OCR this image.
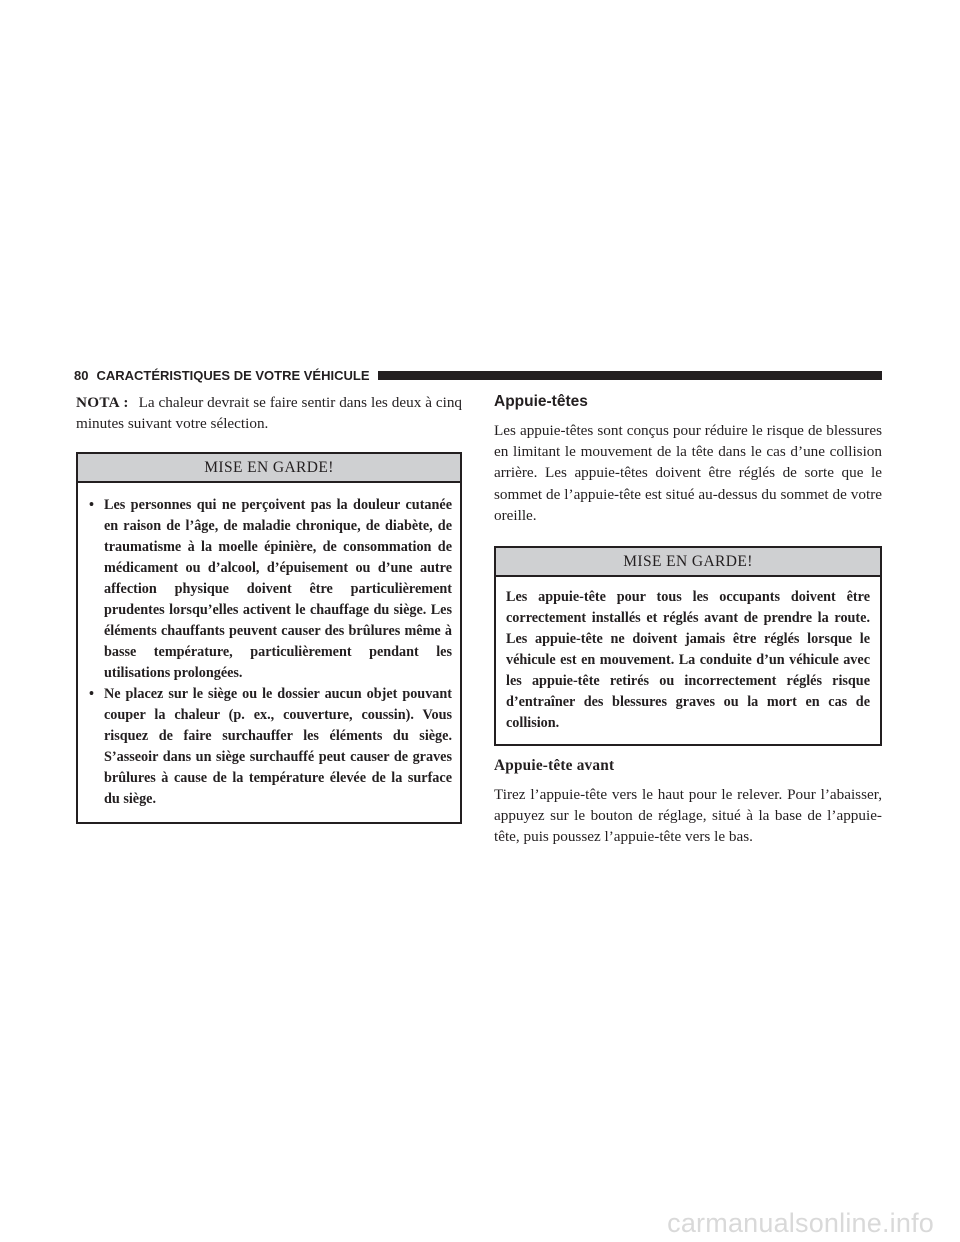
80 CARACTÉRISTIQUES DE VOTRE VÉHICULE

NOTA : La chaleur devrait se faire sentir dans les deux à cinq minutes suivant votre sélection.

MISE EN GARDE!
• Les personnes qui ne perçoivent pas la douleur cutanée en raison de l’âge, de maladie chronique, de diabète, de traumatisme à la moelle épinière, de consommation de médicament ou d’alcool, d’épuisement ou d’une autre affection physique doivent être particulièrement prudentes lorsqu’elles activent le chauffage du siège. Les éléments chauffants peuvent causer des brûlures même à basse température, particulièrement pendant les utilisations prolongées.
• Ne placez sur le siège ou le dossier aucun objet pouvant couper la chaleur (p. ex., couverture, coussin). Vous risquez de faire surchauffer les éléments du siège. S’asseoir dans un siège surchauffé peut causer de graves brûlures à cause de la température élevée de la surface du siège.
Appuie-têtes

Les appuie-têtes sont conçus pour réduire le risque de blessures en limitant le mouvement de la tête dans le cas d’une collision arrière. Les appuie-têtes doivent être réglés de sorte que le sommet de l’appuie-tête est situé au-dessus du sommet de votre oreille.

MISE EN GARDE!

Les appuie-tête pour tous les occupants doivent être correctement installés et réglés avant de prendre la route. Les appuie-tête ne doivent jamais être réglés lorsque le véhicule est en mouvement. La conduite d’un véhicule avec les appuie-tête retirés ou incorrectement réglés risque d’entraîner des blessures graves ou la mort en cas de collision.

Appuie-tête avant

Tirez l’appuie-tête vers le haut pour le relever. Pour l’abaisser, appuyez sur le bouton de réglage, situé à la base de l’appuie-tête, puis poussez l’appuie-tête vers le bas.

carmanualsonline.info
